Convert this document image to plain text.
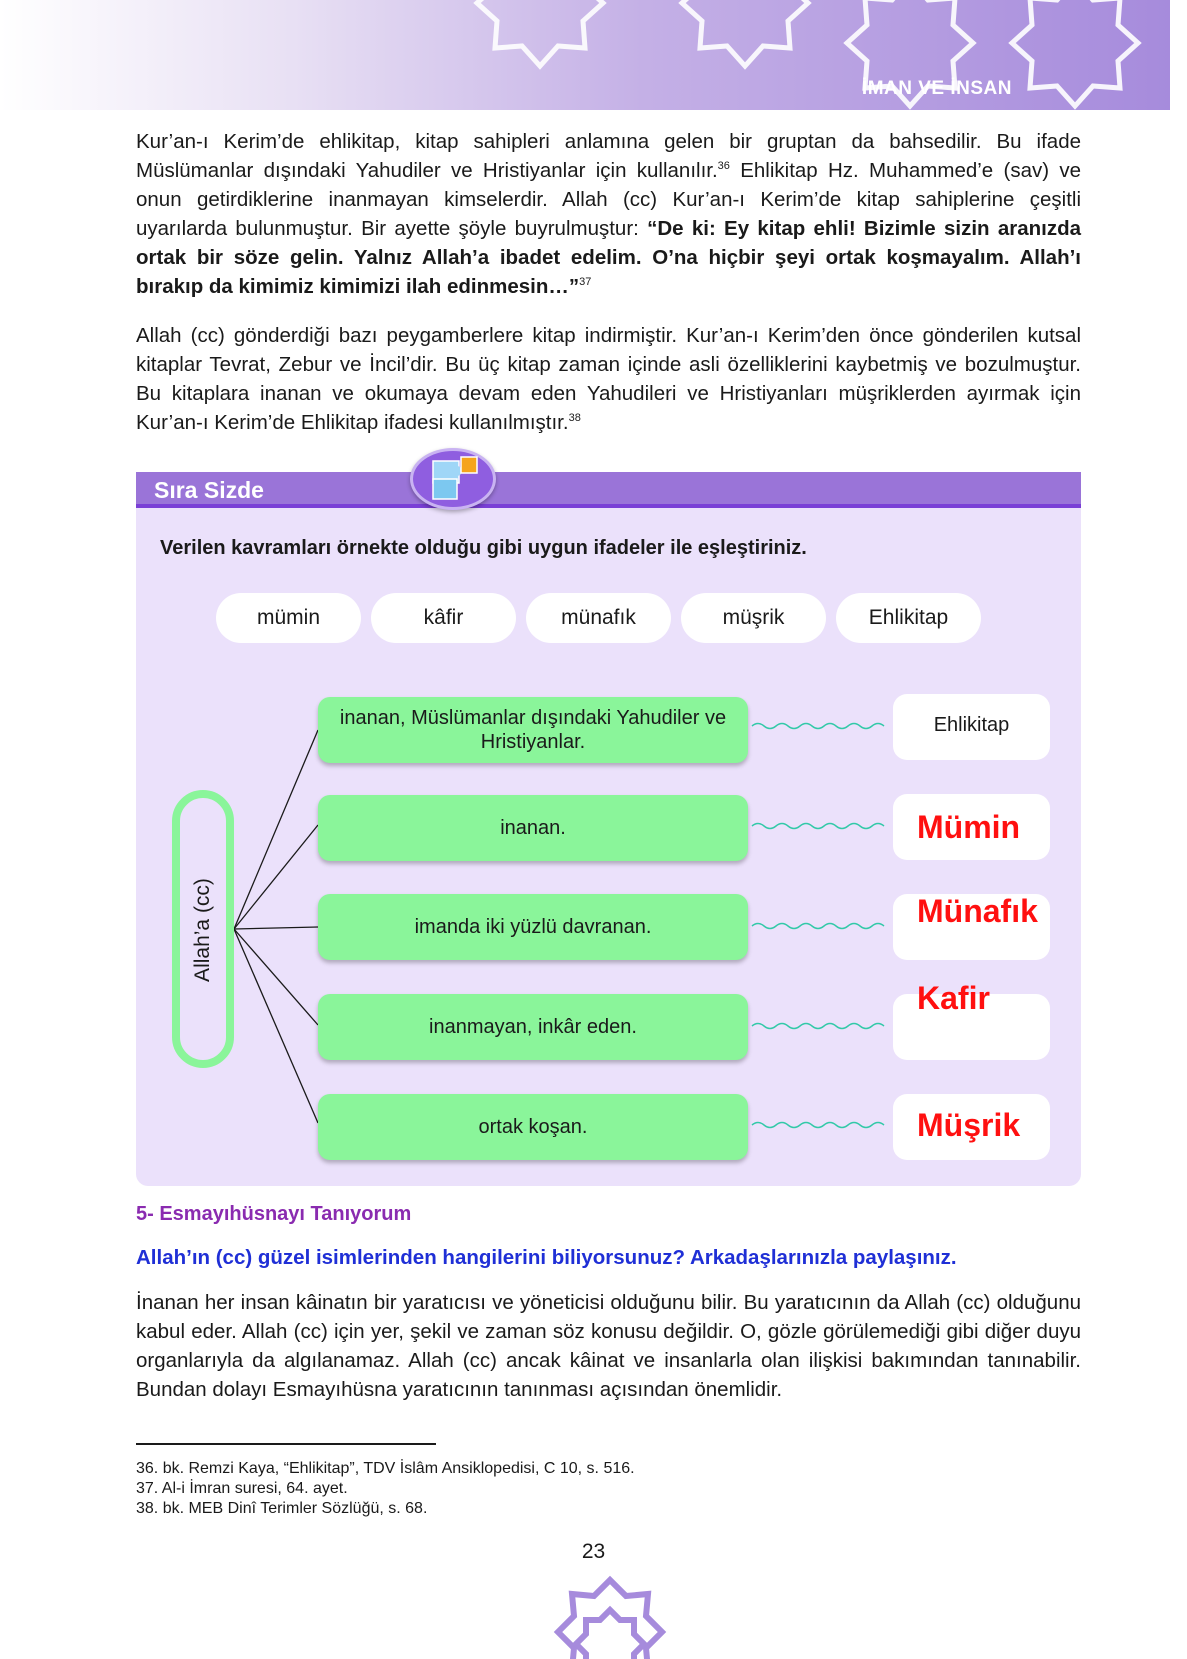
İMAN VE İNSAN

Kur’an-ı Kerim’de ehlikitap, kitap sahipleri anlamına gelen bir gruptan da bahsedilir. Bu ifade Müslümanlar dışındaki Yahudiler ve Hristiyanlar için kullanılır.$^{36}$ Ehlikitap Hz. Muhammed’e (sav) ve onun getirdiklerine inanmayan kimselerdir. Allah (cc) Kur’an-ı Kerim’de kitap sahiplerine çeşitli uyarılarda bulunmuştur. Bir ayette şöyle buyrulmuştur: “De ki: Ey kitap ehli! Bizimle sizin aranızda ortak bir söze gelin. Yalnız Allah’a ibadet edelim. O’na hiçbir şeyi ortak koşmayalım. Allah’ı bırakıp da kimimiz kimimizi ilah edinmesin…”$^{37}$

Allah (cc) gönderdiği bazı peygamberlere kitap indirmiştir. Kur’an-ı Kerim’den önce gönderilen kutsal kitaplar Tevrat, Zebur ve İncil’dir. Bu üç kitap zaman içinde asli özelliklerini kaybetmiş ve bozulmuştur. Bu kitaplara inanan ve okumaya devam eden Yahudileri ve Hristiyanları müşriklerden ayırmak için Kur’an-ı Kerim’de Ehlikitap ifadesi kullanılmıştır.$^{38}$

Sıra Sizde
Verilen kavramları örnekte olduğu gibi uygun ifadeler ile eşleştiriniz.
mümin	kâfir	münafık	müşrik	Ehlikitap
Allah’a (cc)
inanan, Müslümanlar dışındaki Yahudiler ve Hristiyanlar.
inanan.
imanda iki yüzlü davranan.
inanmayan, inkâr eden.
ortak koşan.
Ehlikitap
Mümin
Münafık
Kafir
Müşrik
5- Esmayıhüsnayı Tanıyorum
Allah’ın (cc) güzel isimlerinden hangilerini biliyorsunuz? Arkadaşlarınızla paylaşınız.

İnanan her insan kâinatın bir yaratıcısı ve yöneticisi olduğunu bilir. Bu yaratıcının da Allah (cc) olduğunu kabul eder. Allah (cc) için yer, şekil ve zaman söz konusu değildir. O, gözle görülemediği gibi diğer duyu organlarıyla da algılanamaz. Allah (cc) ancak kâinat ve insanlarla olan ilişkisi bakımından tanınabilir. Bundan dolayı Esmayıhüsna yaratıcının tanınması açısından önemlidir.

36. bk. Remzi Kaya, “Ehlikitap”, TDV İslâm Ansiklopedisi, C 10, s. 516.
37. Al-i İmran suresi, 64. ayet.
38. bk. MEB Dinî Terimler Sözlüğü, s. 68.
23
